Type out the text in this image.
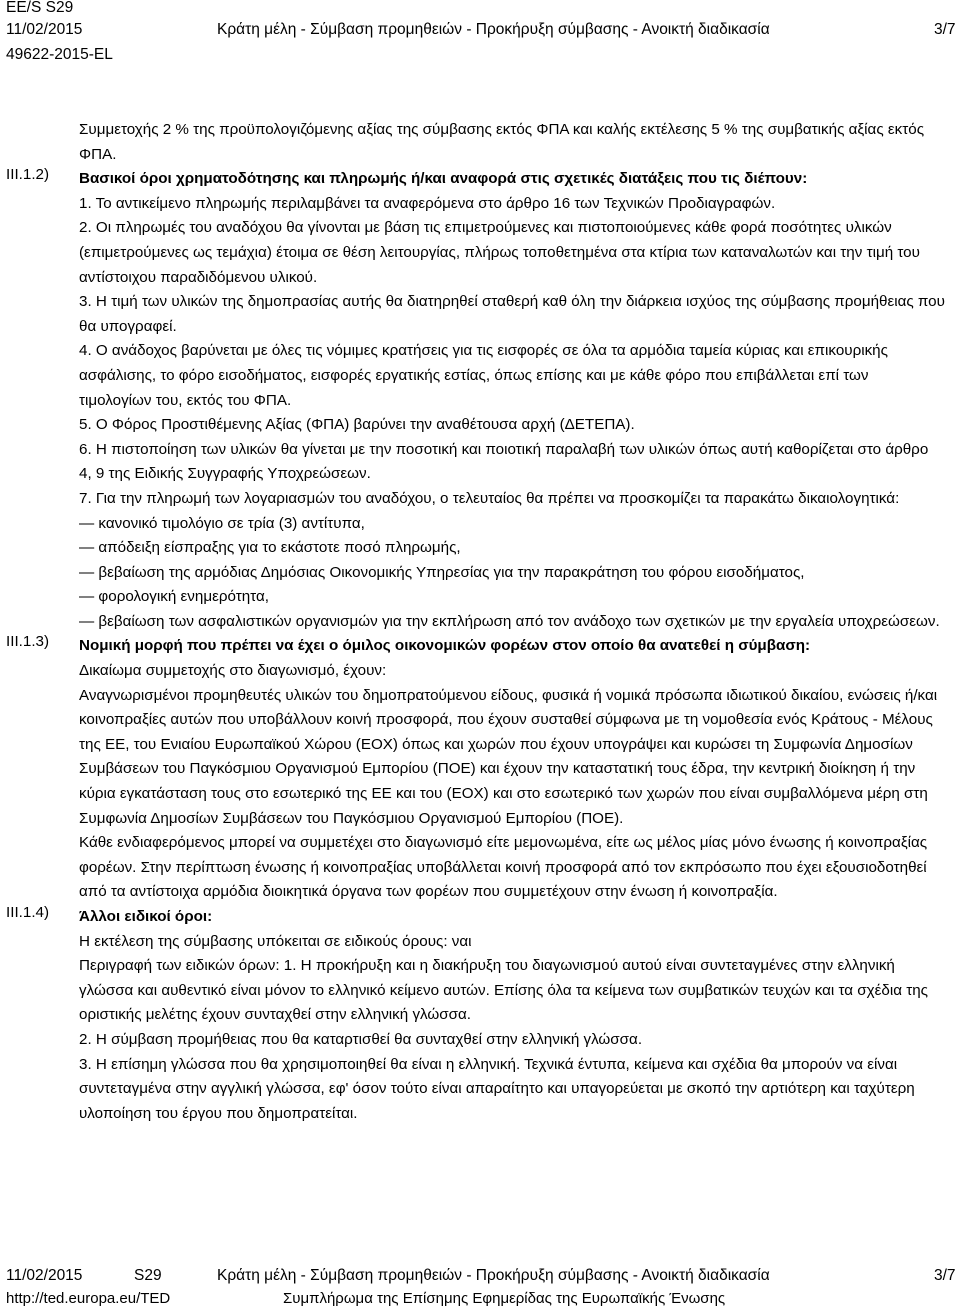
EE/S S29
11/02/2015
49622-2015-EL
Κράτη μέλη - Σύμβαση προμηθειών - Προκήρυξη σύμβασης - Ανοικτή διαδικασία	3/7

Συμμετοχής 2 % της προϋπολογιζόμενης αξίας της σύμβασης εκτός ΦΠΑ και καλής εκτέλεσης 5 % της συμβατικής αξίας εκτός ΦΠΑ.

III.1.2)	Βασικοί όροι χρηματοδότησης και πληρωμής ή/και αναφορά στις σχετικές διατάξεις που τις διέπουν:

1. Το αντικείμενο πληρωμής περιλαμβάνει τα αναφερόμενα στο άρθρο 16 των Τεχνικών Προδιαγραφών.

2. Οι πληρωμές του αναδόχου θα γίνονται με βάση τις επιμετρούμενες και πιστοποιούμενες κάθε φορά ποσότητες υλικών (επιμετρούμενες ως τεμάχια) έτοιμα σε θέση λειτουργίας, πλήρως τοποθετημένα στα κτίρια των καταναλωτών και την τιμή του αντίστοιχου παραδιδόμενου υλικού.

3. Η τιμή των υλικών της δημοπρασίας αυτής θα διατηρηθεί σταθερή καθ όλη την διάρκεια ισχύος της σύμβασης προμήθειας που θα υπογραφεί.

4. Ο ανάδοχος βαρύνεται με όλες τις νόμιμες κρατήσεις για τις εισφορές σε όλα τα αρμόδια ταμεία κύριας και επικουρικής ασφάλισης, το φόρο εισοδήματος, εισφορές εργατικής εστίας, όπως επίσης και με κάθε φόρο που επιβάλλεται επί των τιμολογίων του, εκτός του ΦΠΑ.

5. Ο Φόρος Προστιθέμενης Αξίας (ΦΠΑ) βαρύνει την αναθέτουσα αρχή (ΔΕΤΕΠΑ).

6. Η πιστοποίηση των υλικών θα γίνεται με την ποσοτική και ποιοτική παραλαβή των υλικών όπως αυτή καθορίζεται στο άρθρο 4, 9 της Ειδικής Συγγραφής Υποχρεώσεων.

7. Για την πληρωμή των λογαριασμών του αναδόχου, ο τελευταίος θα πρέπει να προσκομίζει τα παρακάτω δικαιολογητικά:

— κανονικό τιμολόγιο σε τρία (3) αντίτυπα,

— απόδειξη είσπραξης για το εκάστοτε ποσό πληρωμής,

— βεβαίωση της αρμόδιας Δημόσιας Οικονομικής Υπηρεσίας για την παρακράτηση του φόρου εισοδήματος,

— φορολογική ενημερότητα,

— βεβαίωση των ασφαλιστικών οργανισμών για την εκπλήρωση από τον ανάδοχο των σχετικών με την εργαλεία υποχρεώσεων.

III.1.3)	Νομική μορφή που πρέπει να έχει ο όμιλος οικονομικών φορέων στον οποίο θα ανατεθεί η σύμβαση:

Δικαίωμα συμμετοχής στο διαγωνισμό, έχουν:

Αναγνωρισμένοι προμηθευτές υλικών του δημοπρατούμενου είδους, φυσικά ή νομικά πρόσωπα ιδιωτικού δικαίου, ενώσεις ή/και κοινοπραξίες αυτών που υποβάλλουν κοινή προσφορά, που έχουν συσταθεί σύμφωνα με τη νομοθεσία ενός Κράτους - Μέλους της ΕΕ, του Ενιαίου Ευρωπαϊκού Χώρου (ΕΟΧ) όπως και χωρών που έχουν υπογράψει και κυρώσει τη Συμφωνία Δημοσίων Συμβάσεων του Παγκόσμιου Οργανισμού Εμπορίου (ΠΟΕ) και έχουν την καταστατική τους έδρα, την κεντρική διοίκηση ή την κύρια εγκατάσταση τους στο εσωτερικό της ΕΕ και του (ΕΟΧ) και στο εσωτερικό των χωρών που είναι συμβαλλόμενα μέρη στη Συμφωνία Δημοσίων Συμβάσεων του Παγκόσμιου Οργανισμού Εμπορίου (ΠΟΕ).

Κάθε ενδιαφερόμενος μπορεί να συμμετέχει στο διαγωνισμό είτε μεμονωμένα, είτε ως μέλος μίας μόνο ένωσης ή κοινοπραξίας φορέων. Στην περίπτωση ένωσης ή κοινοπραξίας υποβάλλεται κοινή προσφορά από τον εκπρόσωπο που έχει εξουσιοδοτηθεί από τα αντίστοιχα αρμόδια διοικητικά όργανα των φορέων που συμμετέχουν στην ένωση ή κοινοπραξία.

III.1.4)	Άλλοι ειδικοί όροι:

Η εκτέλεση της σύμβασης υπόκειται σε ειδικούς όρους: ναι

Περιγραφή των ειδικών όρων: 1. Η προκήρυξη και η διακήρυξη του διαγωνισμού αυτού είναι συντεταγμένες στην ελληνική γλώσσα και αυθεντικό είναι μόνον το ελληνικό κείμενο αυτών. Επίσης όλα τα κείμενα των συμβατικών τευχών και τα σχέδια της οριστικής μελέτης έχουν συνταχθεί στην ελληνική γλώσσα.

2. Η σύμβαση προμήθειας που θα καταρτισθεί θα συνταχθεί στην ελληνική γλώσσα.

3. Η επίσημη γλώσσα που θα χρησιμοποιηθεί θα είναι η ελληνική. Τεχνικά έντυπα, κείμενα και σχέδια θα μπορούν να είναι συντεταγμένα στην αγγλική γλώσσα, εφ' όσον τούτο είναι απαραίτητο και υπαγορεύεται με σκοπό την αρτιότερη και ταχύτερη υλοποίηση του έργου που δημοπρατείται.

11/02/2015	S29	Κράτη μέλη - Σύμβαση προμηθειών - Προκήρυξη σύμβασης - Ανοικτή διαδικασία	3/7
http://ted.europa.eu/TED	Συμπλήρωμα της Επίσημης Εφημερίδας της Ευρωπαϊκής Ένωσης
